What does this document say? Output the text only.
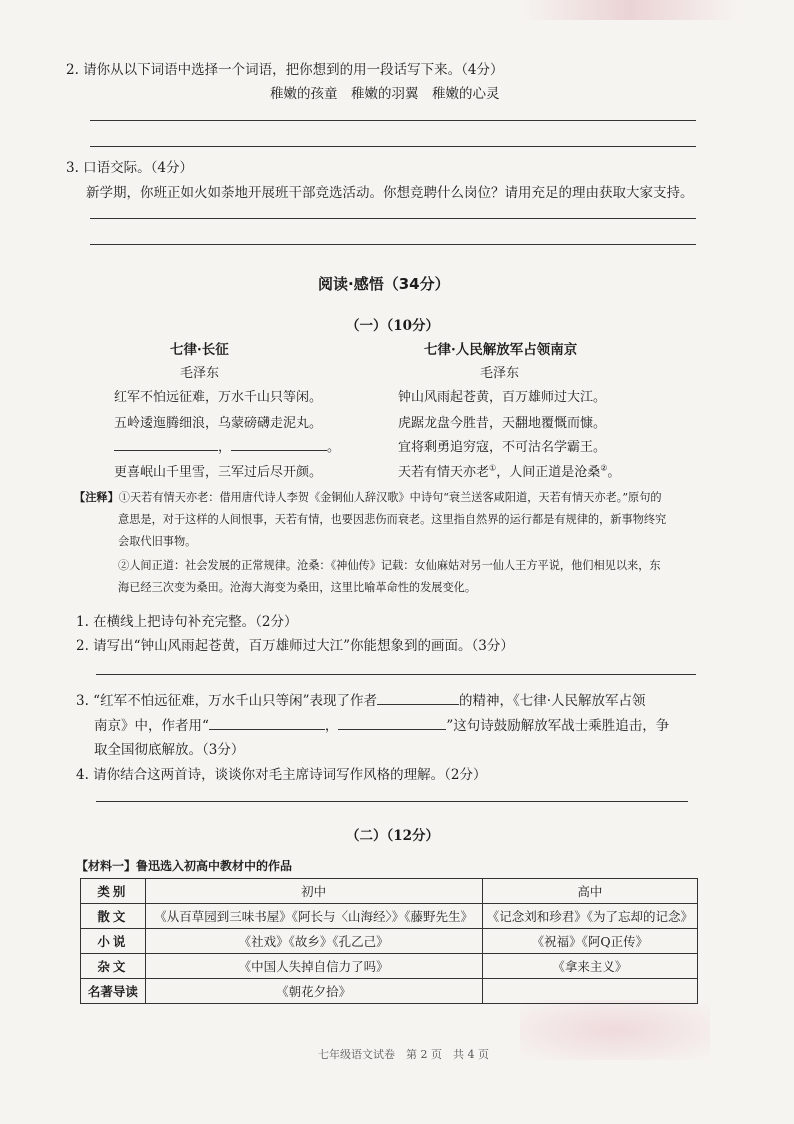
2. 请你从以下词语中选择一个词语，把你想到的用一段话写下来。（4分）
稚嫩的孩童　稚嫩的羽翼　稚嫩的心灵
3. 口语交际。（4分）
新学期，你班正如火如荼地开展班干部竞选活动。你想竞聘什么岗位？请用充足的理由获取大家支持。
阅读·感悟（34分）
（一）（10分）
七律·长征
毛泽东
红军不怕远征难，万水千山只等闲。
五岭逶迤腾细浪，乌蒙磅礴走泥丸。
，	。
更喜岷山千里雪，三军过后尽开颜。
七律·人民解放军占领南京
毛泽东
钟山风雨起苍黄，百万雄师过大江。
虎踞龙盘今胜昔，天翻地覆慨而慷。
宜将剩勇追穷寇，不可沽名学霸王。
天若有情天亦老①，人间正道是沧桑②。
【注释】①天若有情天亦老：借用唐代诗人李贺《金铜仙人辞汉歌》中诗句“衰兰送客咸阳道，天若有情天亦老。”原句的
意思是，对于这样的人间恨事，天若有情，也要因悲伤而衰老。这里指自然界的运行都是有规律的，新事物终究
会取代旧事物。
②人间正道：社会发展的正常规律。沧桑：《神仙传》记载：女仙麻姑对另一仙人王方平说，他们相见以来，东
海已经三次变为桑田。沧海大海变为桑田，这里比喻革命性的发展变化。
1. 在横线上把诗句补充完整。（2分）
2. 请写出“钟山风雨起苍黄，百万雄师过大江”你能想象到的画面。（3分）
3. “红军不怕远征难，万水千山只等闲”表现了作者	的精神，《七律·人民解放军占领
南京》中，作者用“	，	”这句诗鼓励解放军战士乘胜追击，争
取全国彻底解放。（3分）
4. 请你结合这两首诗，谈谈你对毛主席诗词写作风格的理解。（2分）
（二）（12分）
【材料一】鲁迅选入初高中教材中的作品
类别	初中	高中
散文	《从百草园到三味书屋》《阿长与〈山海经〉》《藤野先生》	《记念刘和珍君》《为了忘却的记念》
小说	《社戏》《故乡》《孔乙己》	《祝福》《阿Q正传》
杂文	《中国人失掉自信力了吗》	《拿来主义》
名著导读	《朝花夕拾》	
七年级语文试卷　第 2 页　共 4 页
